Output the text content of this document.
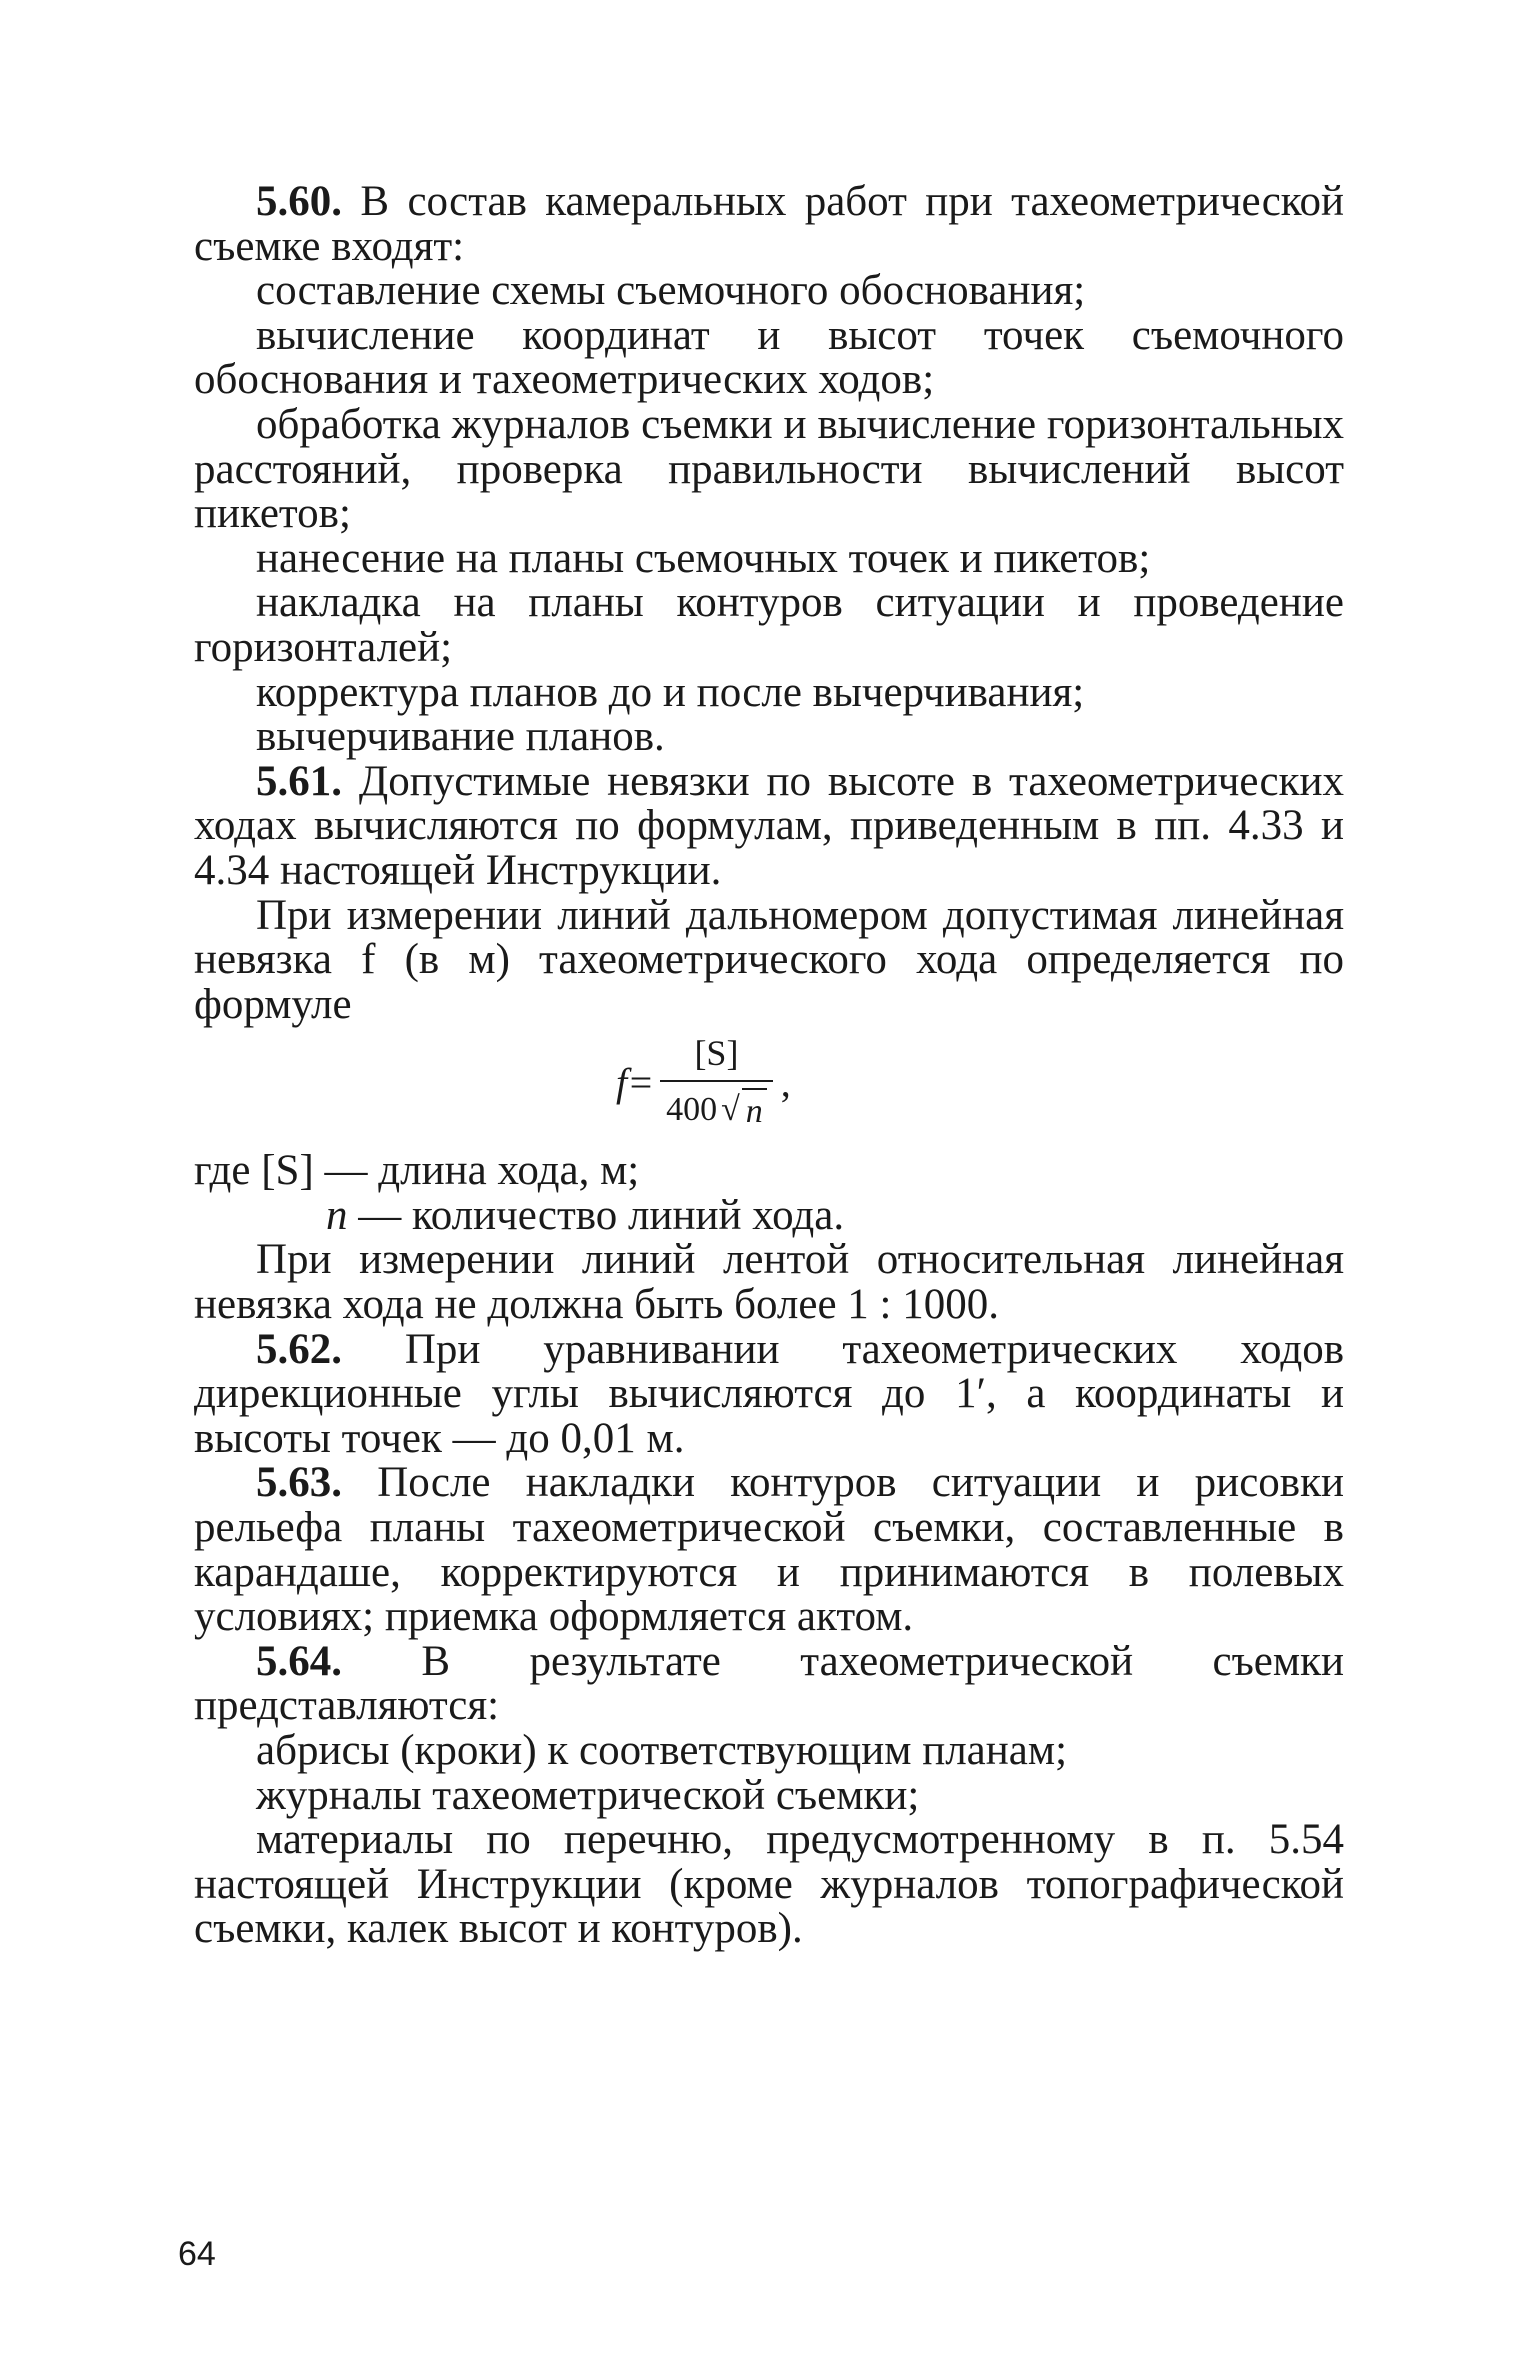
5.60. В состав камеральных работ при тахеометрической съемке входят:

составление схемы съемочного обоснования;

вычисление координат и высот точек съемочного обоснования и тахеометрических ходов;

обработка журналов съемки и вычисление горизонтальных расстояний, проверка правильности вычислений высот пикетов;

нанесение на планы съемочных точек и пикетов;

накладка на планы контуров ситуации и проведение горизонталей;

корректура планов до и после вычерчивания;

вычерчивание планов.

5.61. Допустимые невязки по высоте в тахеометрических ходах вычисляются по формулам, приведенным в пп. 4.33 и 4.34 настоящей Инструкции.

При измерении линий дальномером допустимая линейная невязка f (в м) тахеометрического хода определяется по формуле

$f= \frac{[S]}{400 √ n}$ ,
где [S] — длина хода, м;
n — количество линий хода.

При измерении линий лентой относительная линейная невязка хода не должна быть более 1 : 1000.

5.62. При уравнивании тахеометрических ходов дирекционные углы вычисляются до 1′, а координаты и высоты точек — до 0,01 м.

5.63. После накладки контуров ситуации и рисовки рельефа планы тахеометрической съемки, составленные в карандаше, корректируются и принимаются в полевых условиях; приемка оформляется актом.

5.64. В результате тахеометрической съемки представляются:

абрисы (кроки) к соответствующим планам;

журналы тахеометрической съемки;

материалы по перечню, предусмотренному в п. 5.54 настоящей Инструкции (кроме журналов топографической съемки, калек высот и контуров).

64
